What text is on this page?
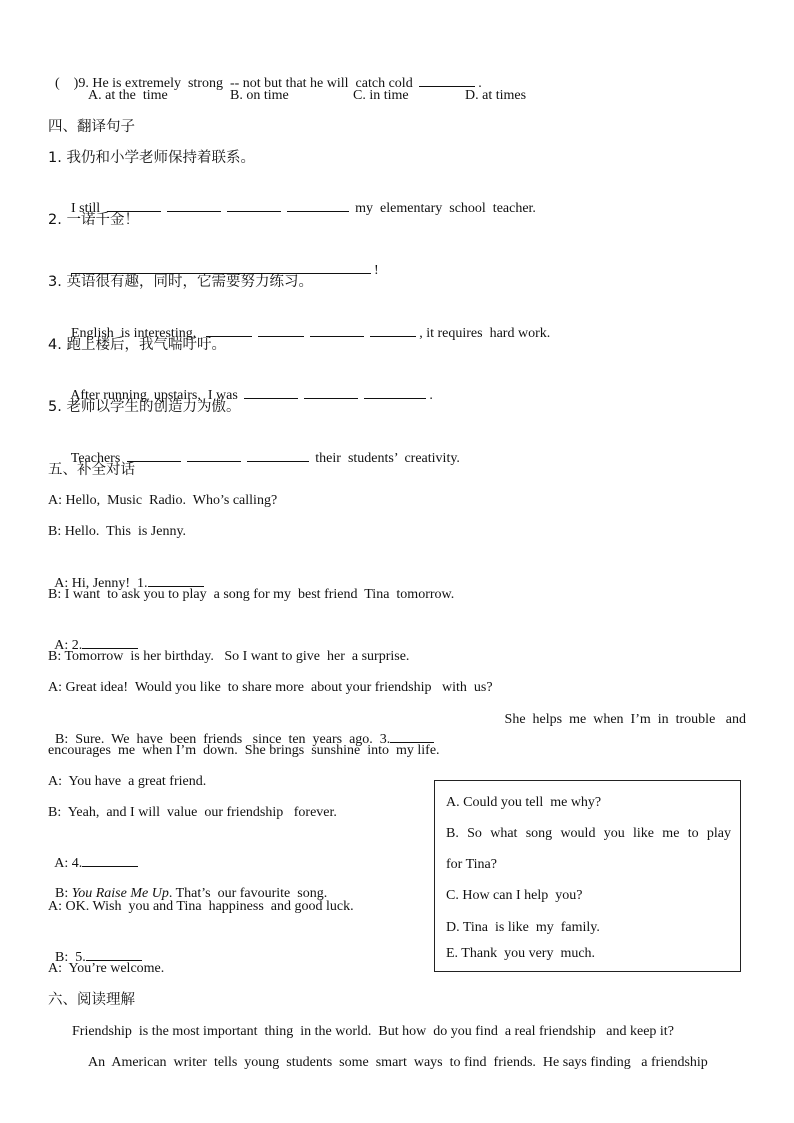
(    )9. He is extremely  strong  -- not but that he will  catch cold	.

A. at the  time

	B. on time

	C. in time

	D. at times

四、翻译句子
1. 我仍和小学老师保持着联系。

I still	my  elementary  school  teacher.

2. 一诺千金！

!

3. 英语很有趣，同时，它需要努力练习。

English  is interesting,	, it requires  hard work.

4. 跑上楼后，我气喘吁吁。

After running  upstairs,  I was	.

5. 老师以学生的创造力为傲。

Teachers	their  students’  creativity.

五、补全对话
A: Hello,  Music  Radio.  Who’s calling?
B: Hello.  This  is Jenny.

A: Hi, Jenny!  1.

B: I want  to ask you to play  a song for my  best friend  Tina  tomorrow.

A: 2.

B: Tomorrow  is her birthday.   So I want to give  her  a surprise.
A: Great idea!  Would you like  to share more  about your friendship   with  us?

B:  Sure.  We  have  been  friends   since  ten  years  ago.  3.

She  helps  me  when  I’m  in  trouble   and

encourages  me  when I’m  down.  She brings  sunshine  into  my life.
A:  You have  a great friend.
B:  Yeah,  and I will  value  our friendship   forever.

A: 4.

B: You Raise Me Up. That’s  our favourite  song.

A: OK. Wish  you and Tina  happiness  and good luck.

B:  5.

A:  You’re welcome.
A. Could you tell  me why?
B. So what song would you like me to play
for Tina?
C. How can I help  you?
D. Tina  is like  my  family.
E. Thank  you very  much.
六、阅读理解
Friendship  is the most important  thing  in the world.  But how  do you find  a real friendship   and keep it?
An  American  writer  tells  young  students  some  smart  ways  to find  friends.  He says finding   a friendship
